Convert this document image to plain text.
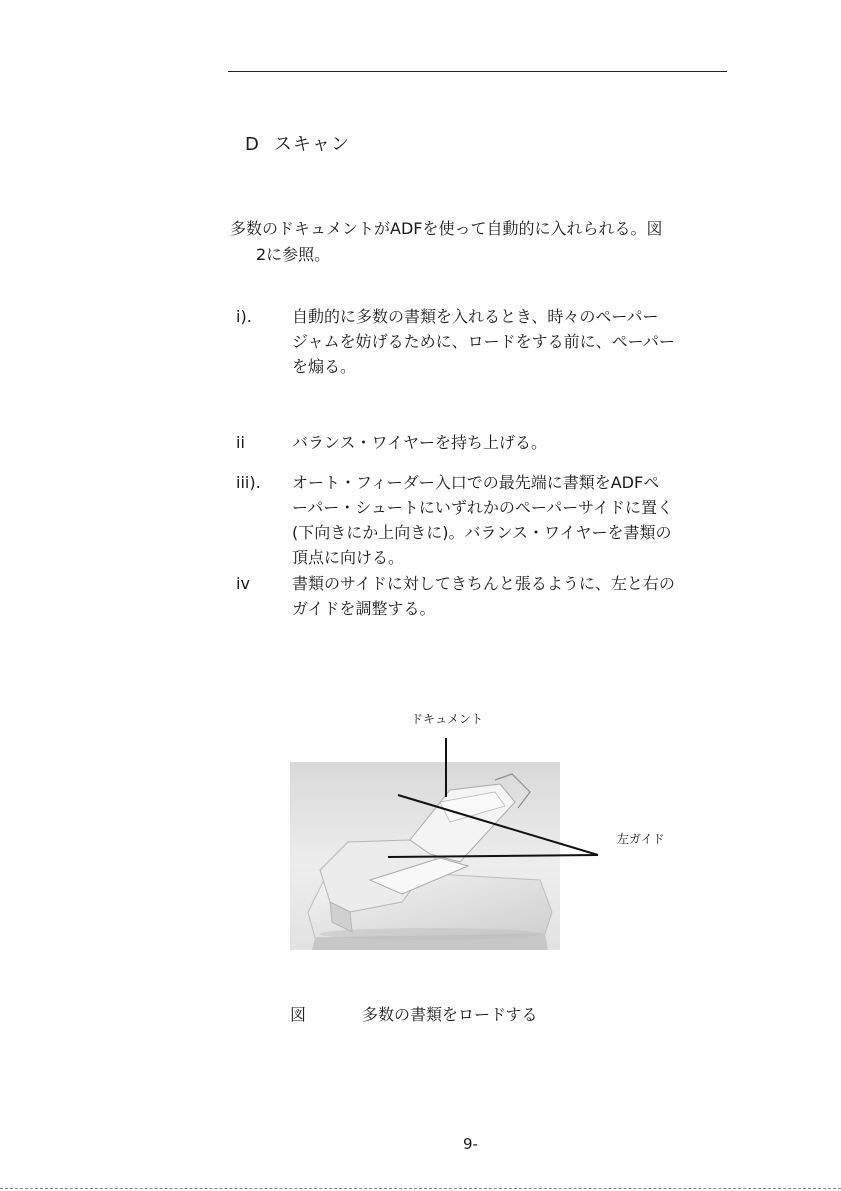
D スキャン
多数のドキュメントがADFを使って自動的に入れられる。図
2に参照。
i).	自動的に多数の書類を入れるとき、時々のペーパー
ジャムを妨げるために、ロードをする前に、ペーパー
を煽る。
ii	バランス・ワイヤーを持ち上げる。
iii).	オート・フィーダー入口での最先端に書類をADFペ
ーパー・シュートにいずれかのペーパーサイドに置く
(下向きにか上向きに)。バランス・ワイヤーを書類の
頂点に向ける。
iv	書類のサイドに対してきちんと張るように、左と右の
ガイドを調整する。
ドキュメント
左ガイド
図	多数の書類をロードする
9-
